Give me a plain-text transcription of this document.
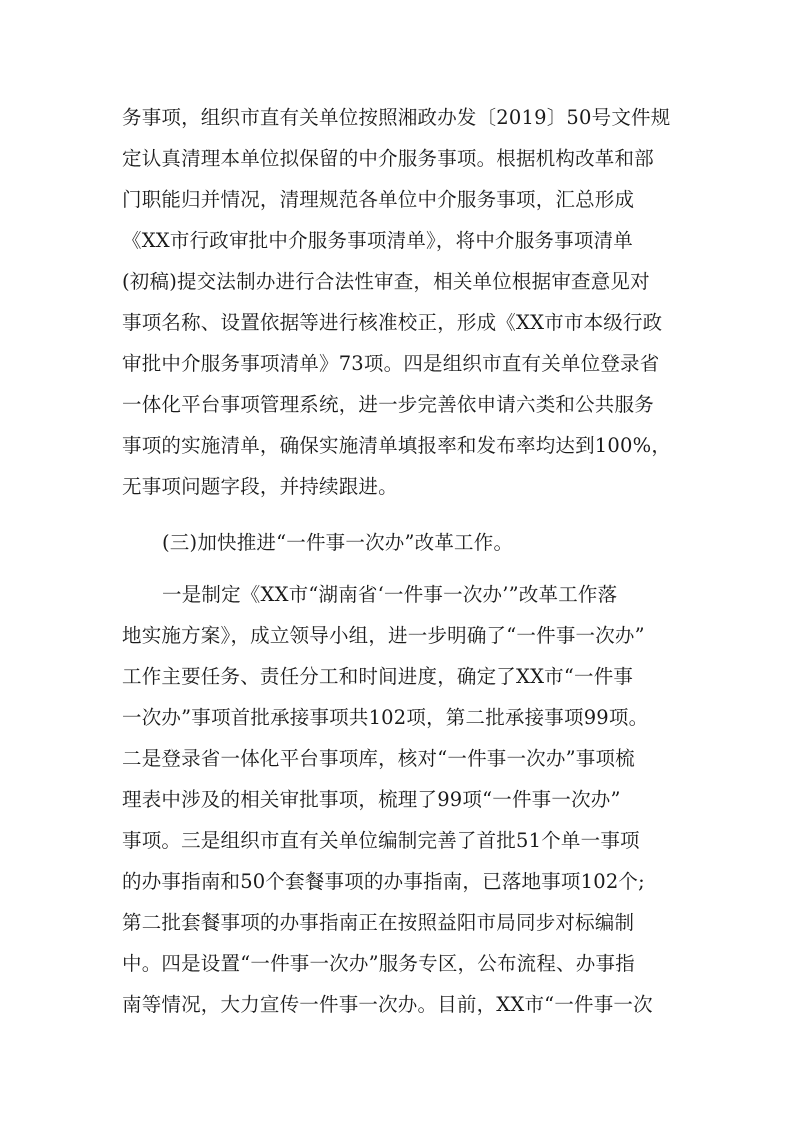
务事项，组织市直有关单位按照湘政办发〔2019〕50号文件规
定认真清理本单位拟保留的中介服务事项。根据机构改革和部
门职能归并情况，清理规范各单位中介服务事项，汇总形成
《XX市行政审批中介服务事项清单》，将中介服务事项清单
(初稿)提交法制办进行合法性审查，相关单位根据审查意见对
事项名称、设置依据等进行核准校正，形成《XX市市本级行政
审批中介服务事项清单》73项。四是组织市直有关单位登录省
一体化平台事项管理系统，进一步完善依申请六类和公共服务
事项的实施清单，确保实施清单填报率和发布率均达到100%，
无事项问题字段，并持续跟进。
(三)加快推进“一件事一次办”改革工作。
一是制定《XX市“湖南省‘一件事一次办’”改革工作落
地实施方案》，成立领导小组，进一步明确了“一件事一次办”
工作主要任务、责任分工和时间进度，确定了XX市“一件事
一次办”事项首批承接事项共102项，第二批承接事项99项。
二是登录省一体化平台事项库，核对“一件事一次办”事项梳
理表中涉及的相关审批事项，梳理了99项“一件事一次办”
事项。三是组织市直有关单位编制完善了首批51个单一事项
的办事指南和50个套餐事项的办事指南，已落地事项102个;
第二批套餐事项的办事指南正在按照益阳市局同步对标编制
中。四是设置“一件事一次办”服务专区，公布流程、办事指
南等情况，大力宣传一件事一次办。目前，XX市“一件事一次
